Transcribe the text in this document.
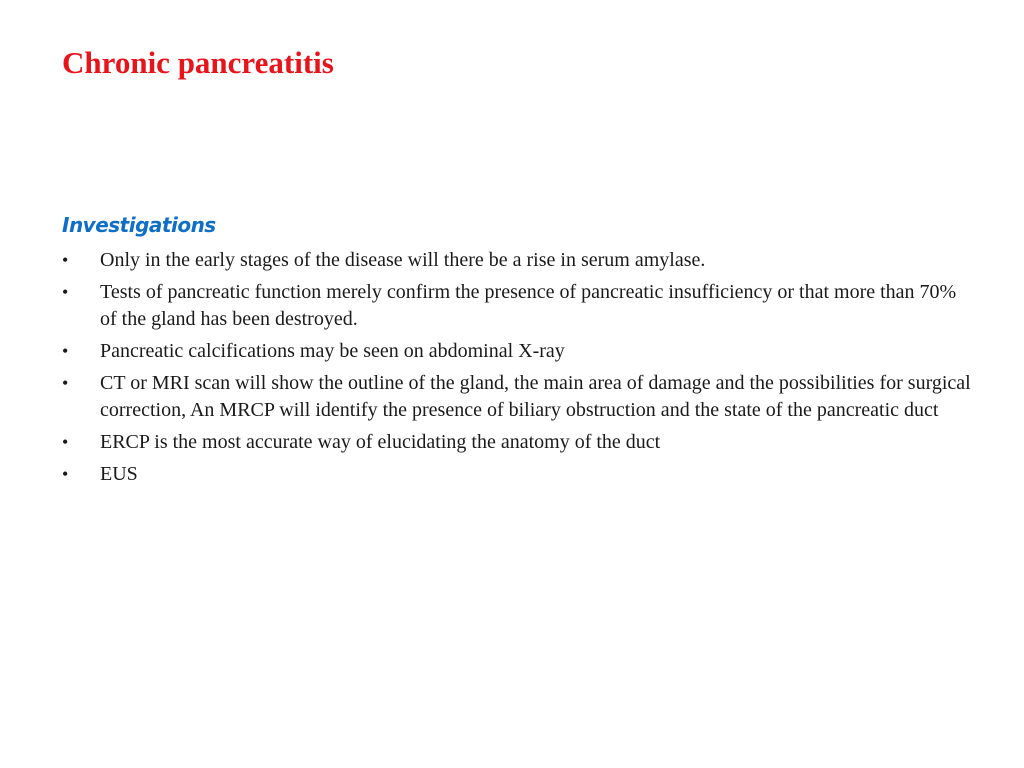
Chronic pancreatitis
Investigations
•	Only in the early stages of the disease will there be a rise in serum amylase.
•	Tests of pancreatic function merely confirm the presence of pancreatic insufficiency or that more than 70% of the gland has been destroyed.
•	Pancreatic calcifications may be seen on abdominal X-ray
•	CT or MRI scan will show the outline of the gland, the main area of damage and the possibilities for surgical correction, An MRCP will identify the presence of biliary obstruction and the state of the pancreatic duct
•	ERCP is the most accurate way of elucidating the anatomy of the duct
•	EUS
